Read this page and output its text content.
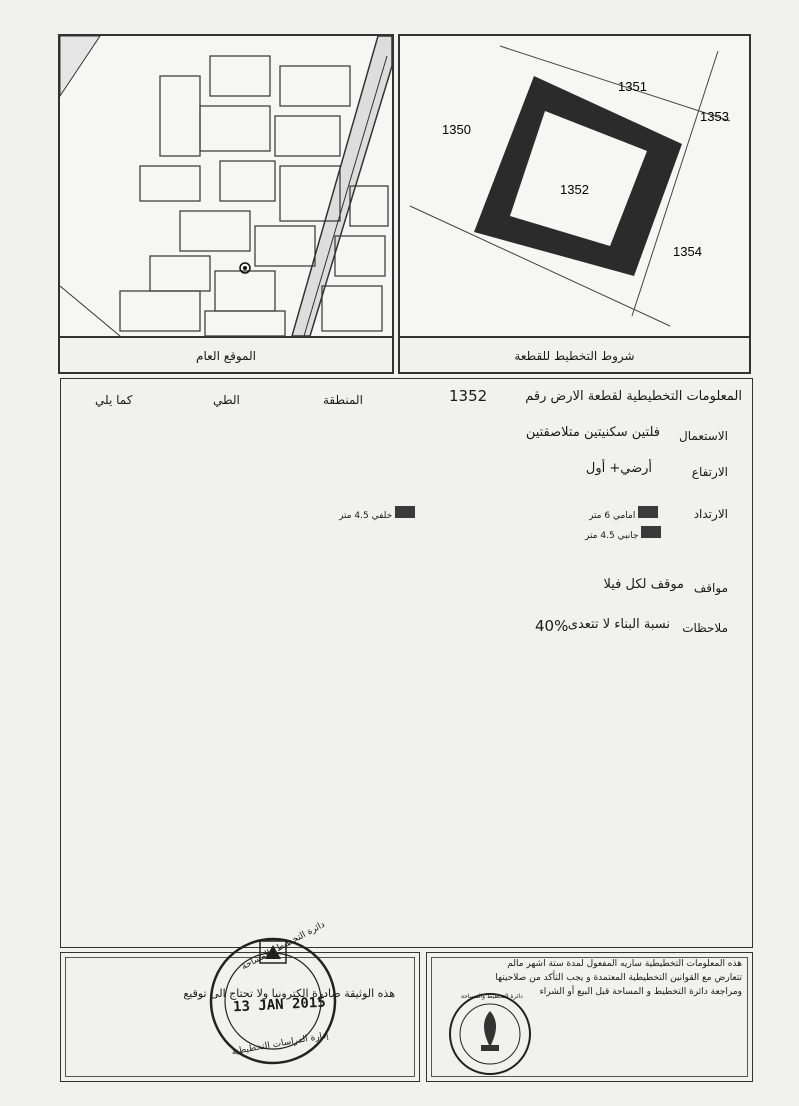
الموقع العام
1351
1350
1353
1352
1354
شروط التخطيط للقطعة
المعلومات التخطيطية لقطعة الارض رقم
1352
المنطقة
الطي
كما يلي
الاستعمال
فلتين سكنيتين متلاصقتين
الارتفاع
أرضي+ أول
الارتداد
امامي 6 متر
جانبي 4.5 متر
خلفي 4.5 متر
مواقف
موقف لكل فيلا
ملاحظات
نسبة البناء لا تتعدى
40%
هذه الوثيقة صادرة الكترونيا ولا تحتاج الى توقيع
دائرة التخطيط والمساحة
13 JAN 2015
إدارة الدراسات التخطيطية
هذه المعلومات التخطيطية ساريه المفعول لمدة ستة اشهر مالم
تتعارض مع القوانين التخطيطية المعتمدة و يجب التأكد من صلاحيتها
ومراجعة دائرة التخطيط و المساحة قبل البيع أو الشراء
دائرة التخطيط والمساحة
